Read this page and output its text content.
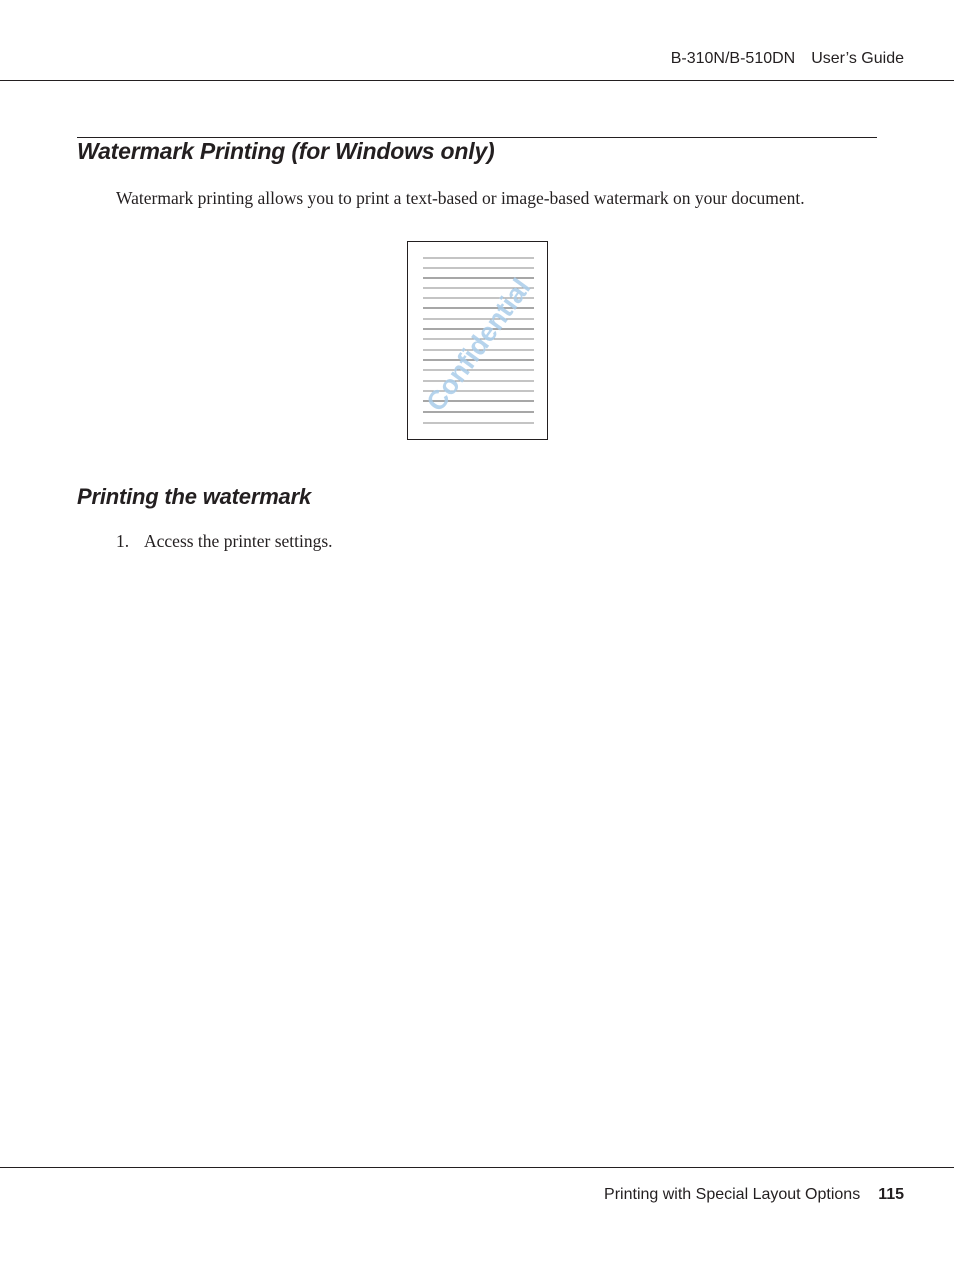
B-310N/B-510DN User’s Guide
Watermark Printing (for Windows only)
Watermark printing allows you to print a text-based or image-based watermark on your document.
Confidential
Printing the watermark
1. Access the printer settings.
Printing with Special Layout Options 115
